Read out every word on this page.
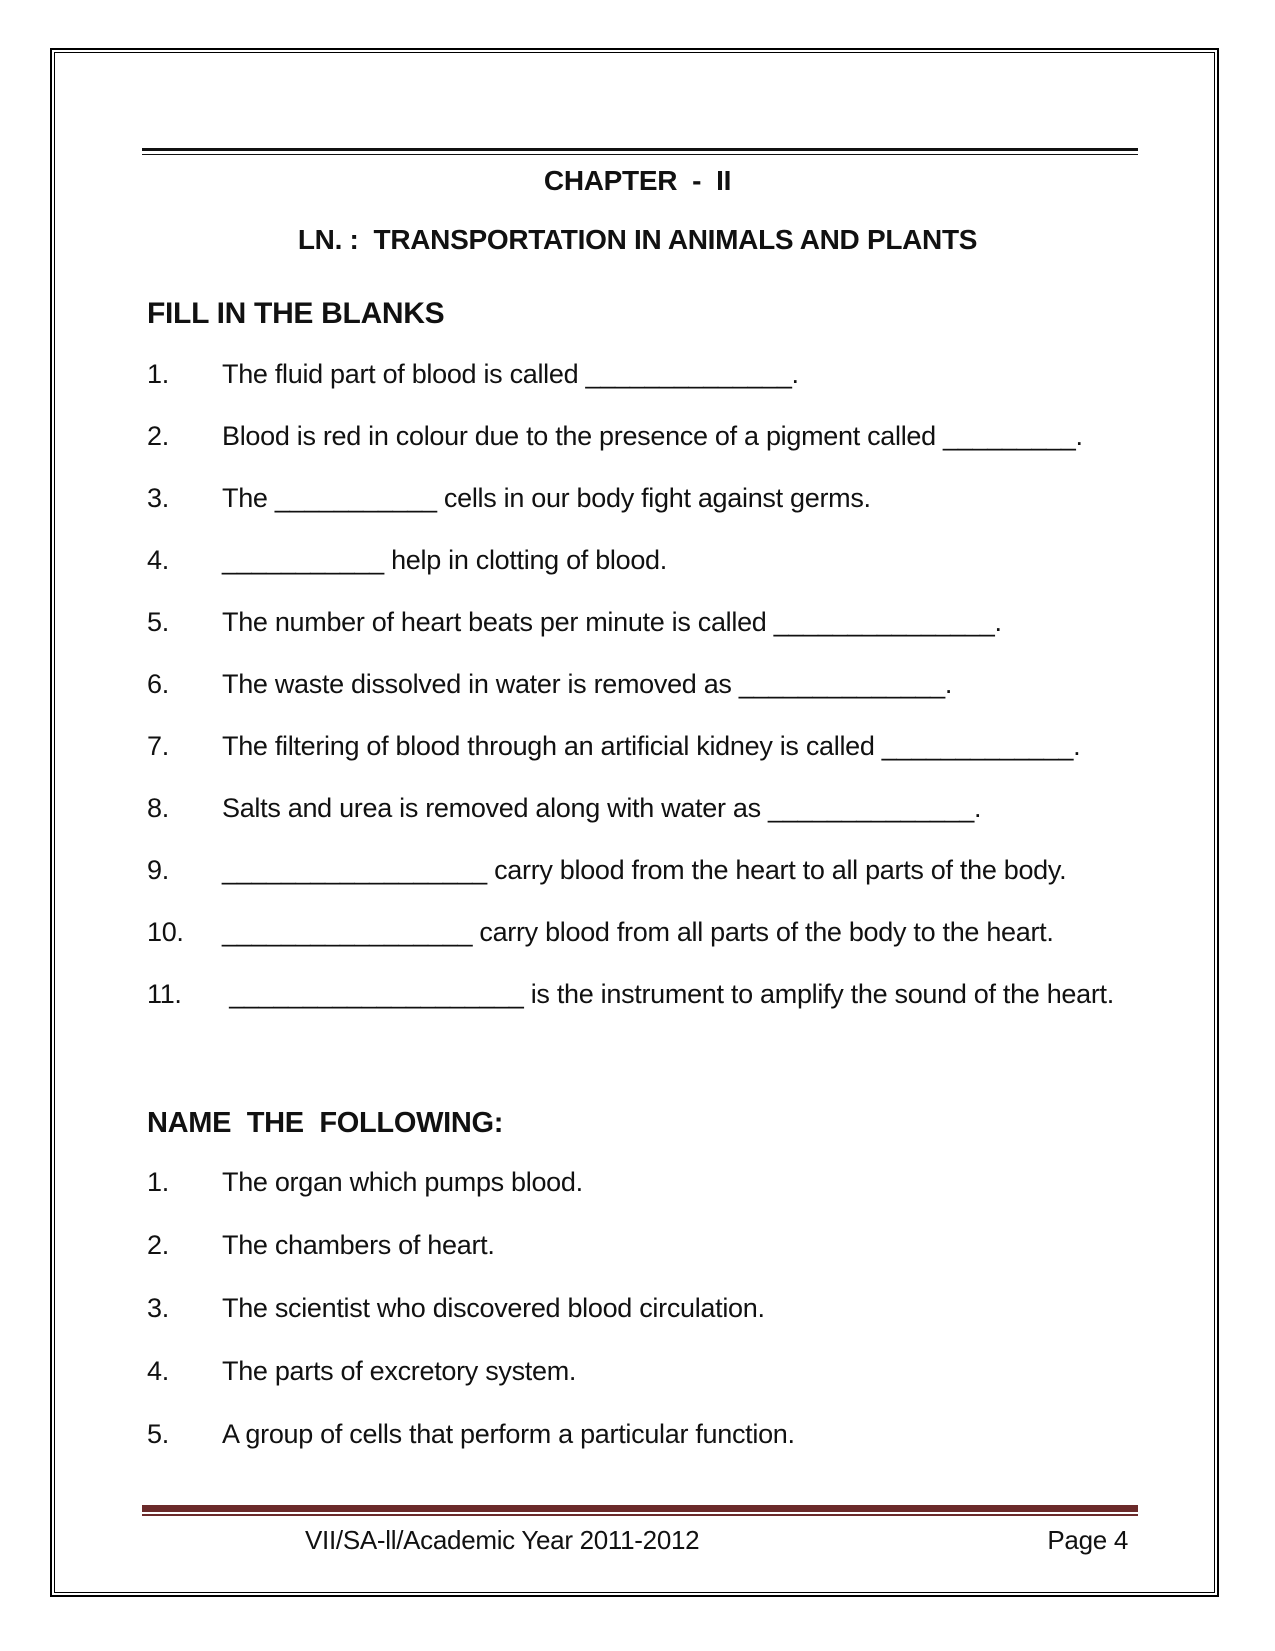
CHAPTER  -  II
LN. :  TRANSPORTATION IN ANIMALS AND PLANTS
FILL IN THE BLANKS
1.	The fluid part of blood is called ______________.
2.	Blood is red in colour due to the presence of a pigment called _________.
3.	The ___________ cells in our body fight against germs.
4.	___________ help in clotting of blood.
5.	The number of heart beats per minute is called _______________.
6.	The waste dissolved in water is removed as ______________.
7.	The filtering of blood through an artificial kidney is called _____________.
8.	Salts and urea is removed along with water as ______________.
9.	__________________ carry blood from the heart to all parts of the body.
10.	_________________ carry blood from all parts of the body to the heart.
11.	____________________ is the instrument to amplify the sound of the heart.
NAME  THE  FOLLOWING:
1.	The organ which pumps blood.
2.	The chambers of heart.
3.	The scientist who discovered blood circulation.
4.	The parts of excretory system.
5.	A group of cells that perform a particular function.
VII/SA-ll/Academic Year 2011-2012	Page 4
